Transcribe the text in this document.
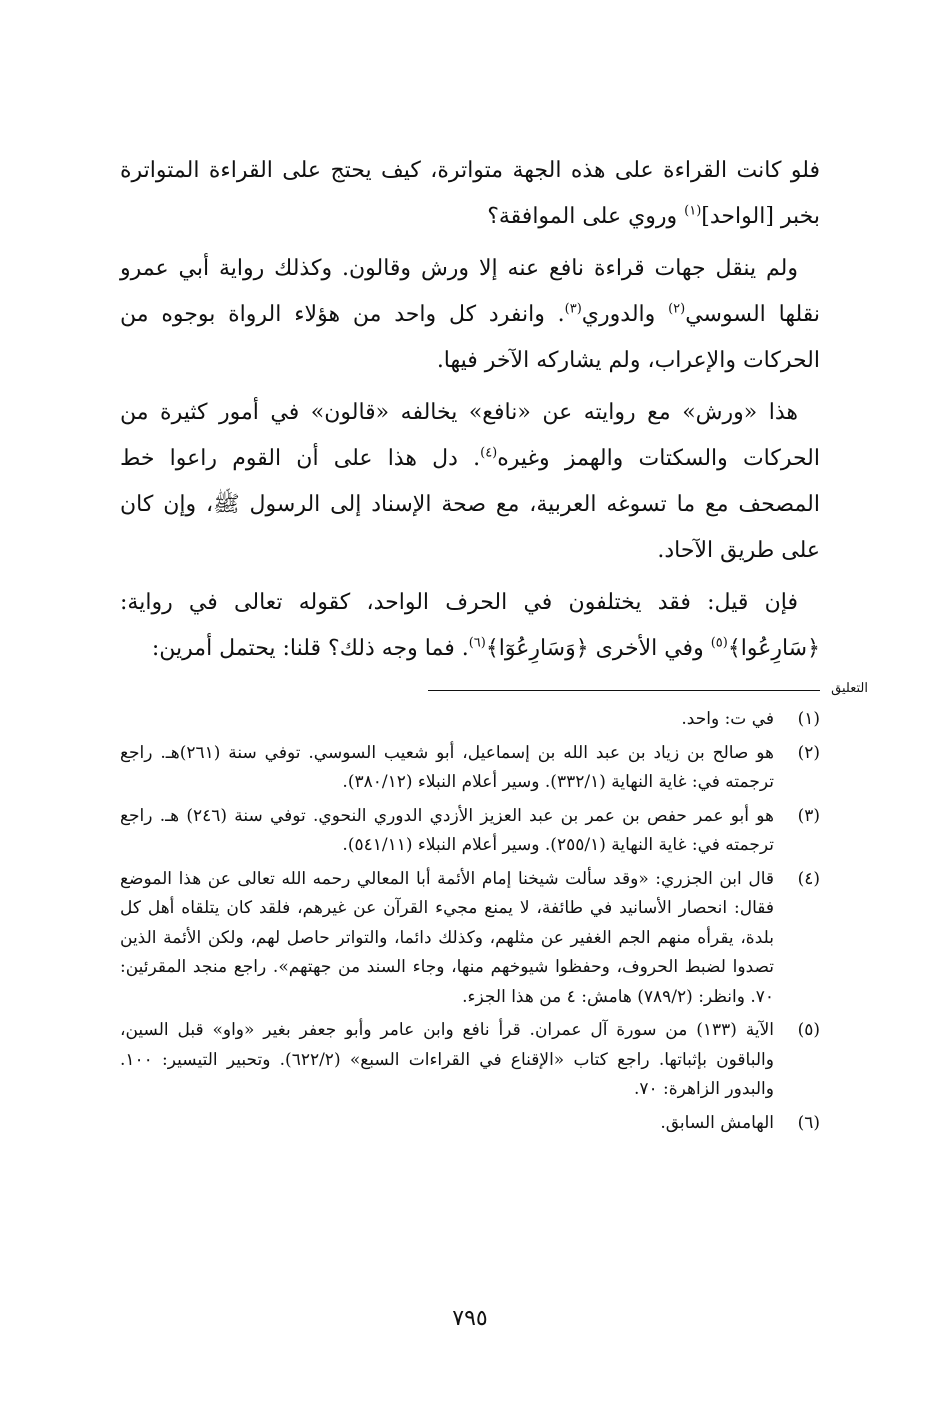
فلو كانت القراءة على هذه الجهة متواترة، كيف يحتج على القراءة المتواترة بخبر [الواحد]$^{(١)}$ وروي على الموافقة؟

ولم ينقل جهات قراءة نافع عنه إلا ورش وقالون. وكذلك رواية أبي عمرو نقلها السوسي$^{(٢)}$ والدوري$^{(٣)}$. وانفرد كل واحد من هؤلاء الرواة بوجوه من الحركات والإعراب، ولم يشاركه الآخر فيها.

هذا «ورش» مع روايته عن «نافع» يخالفه «قالون» في أمور كثيرة من الحركات والسكتات والهمز وغيره$^{(٤)}$. دل هذا على أن القوم راعوا خط المصحف مع ما تسوغه العربية، مع صحة الإسناد إلى الرسول ﷺ، وإن كان على طريق الآحاد.

فإن قيل: فقد يختلفون في الحرف الواحد، كقوله تعالى في رواية: ﴿سَارِعُوا﴾$^{(٥)}$ وفي الأخرى ﴿وَسَارِعُوٓا﴾$^{(٦)}$. فما وجه ذلك؟ قلنا: يحتمل أمرين:

التعليق
(١)
في ت: واحد.
(٢)
هو صالح بن زياد بن عبد الله بن إسماعيل، أبو شعيب السوسي. توفي سنة (٢٦١)هـ. راجع ترجمته في: غاية النهاية (٣٣٢/١). وسير أعلام النبلاء (٣٨٠/١٢).
(٣)
هو أبو عمر حفص بن عمر بن عبد العزيز الأزدي الدوري النحوي. توفي سنة (٢٤٦) هـ. راجع ترجمته في: غاية النهاية (٢٥٥/١). وسير أعلام النبلاء (٥٤١/١١).
(٤)
قال ابن الجزري: «وقد سألت شيخنا إمام الأئمة أبا المعالي رحمه الله تعالى عن هذا الموضع فقال: انحصار الأسانيد في طائفة، لا يمنع مجيء القرآن عن غيرهم، فلقد كان يتلقاه أهل كل بلدة، يقرأه منهم الجم الغفير عن مثلهم، وكذلك دائما، والتواتر حاصل لهم، ولكن الأئمة الذين تصدوا لضبط الحروف، وحفظوا شيوخهم منها، وجاء السند من جهتهم». راجع منجد المقرئين: ٧٠. وانظر: (٧٨٩/٢) هامش: ٤ من هذا الجزء.
(٥)
الآية (١٣٣) من سورة آل عمران. قرأ نافع وابن عامر وأبو جعفر بغير «واو» قبل السين، والباقون بإثباتها. راجع كتاب «الإقناع في القراءات السبع» (٦٢٢/٢). وتحبير التيسير: ١٠٠. والبدور الزاهرة: ٧٠.
(٦)
الهامش السابق.
٧٩٥
